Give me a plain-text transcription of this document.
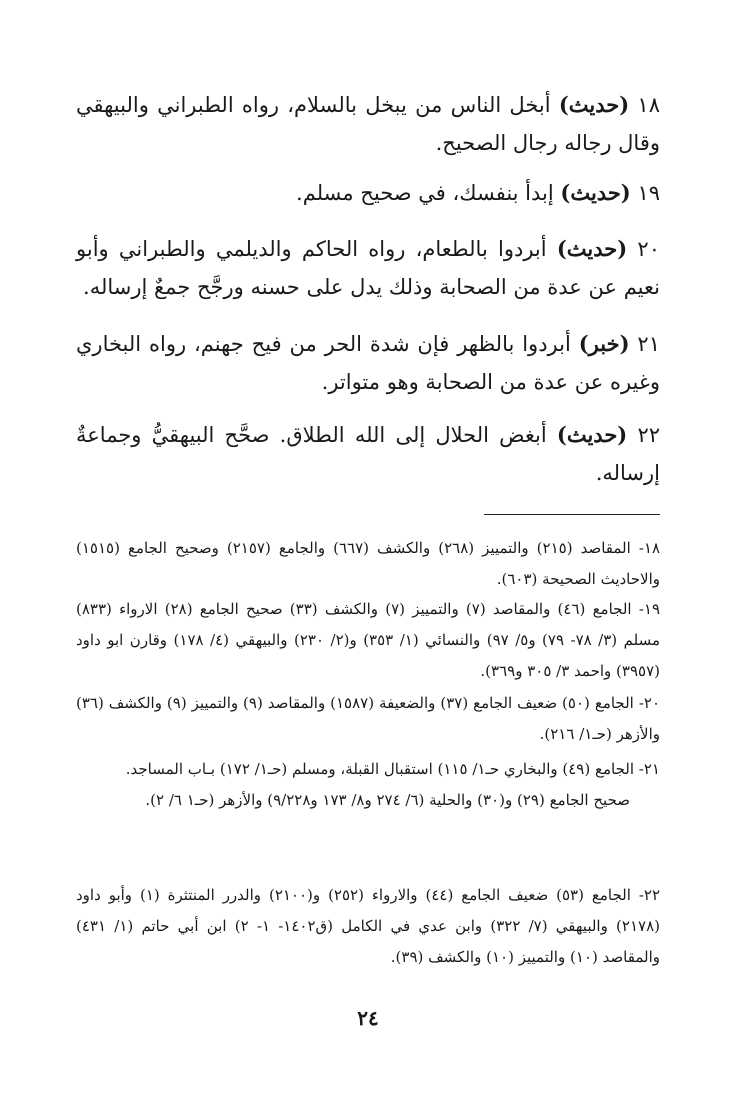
١٨ (حديث) أبخل الناس من يبخل بالسلام، رواه الطبراني والبيهقي وقال رجاله رجال الصحيح.
١٩ (حديث) إبدأ بنفسك، في صحيح مسلم.
٢٠ (حديث) أبردوا بالطعام، رواه الحاكم والديلمي والطبراني وأبو نعيم عن عدة من الصحابة وذلك يدل على حسنه ورجَّح جمعٌ إرساله.
٢١ (خبر) أبردوا بالظهر فإن شدة الحر من فيح جهنم، رواه البخاري وغيره عن عدة من الصحابة وهو متواتر.
٢٢ (حديث) أبغض الحلال إلى الله الطلاق. صحَّح البيهقيُّ وجماعةٌ إرساله.
١٨- المقاصد (٢١٥) والتمييز (٢٦٨) والكشف (٦٦٧) والجامع (٢١٥٧) وصحيح الجامع (١٥١٥) والاحاديث الصحيحة (٦٠٣).
١٩- الجامع (٤٦) والمقاصد (٧) والتمييز (٧) والكشف (٣٣) صحيح الجامع (٢٨) الارواء (٨٣٣) مسلم (٣/ ٧٨- ٧٩) و٥/ ٩٧) والنسائي (١/ ٣٥٣) و(٢/ ٢٣٠) والبيهقي (٤/ ١٧٨) وقارن ابو داود (٣٩٥٧) واحمد ٣/ ٣٠٥ و٣٦٩).
٢٠- الجامع (٥٠) ضعيف الجامع (٣٧) والضعيفة (١٥٨٧) والمقاصد (٩) والتمييز (٩) والكشف (٣٦) والأزهر (حـ١/ ٢١٦).
٢١- الجامع (٤٩) والبخاري حـ١/ ١١٥) استقبال القبلة، ومسلم (حـ١/ ١٧٢) بـاب المساجد.
صحيح الجامع (٢٩) و(٣٠) والحلية (٦/ ٢٧٤ و٨/ ١٧٣ و٩/٢٢٨) والأزهر (حـ١ ٦/ ٢).
٢٢- الجامع (٥٣) ضعيف الجامع (٤٤) والارواء (٢٥٢) و(٢١٠٠) والدرر المنتثرة (١) وأبو داود (٢١٧٨) والبيهقي (٧/ ٣٢٢) وابن عدي في الكامل (ق١٤٠٢- ١- ٢) ابن أبي حاتم (١/ ٤٣١) والمقاصد (١٠) والتمييز (١٠) والكشف (٣٩).
٢٤
